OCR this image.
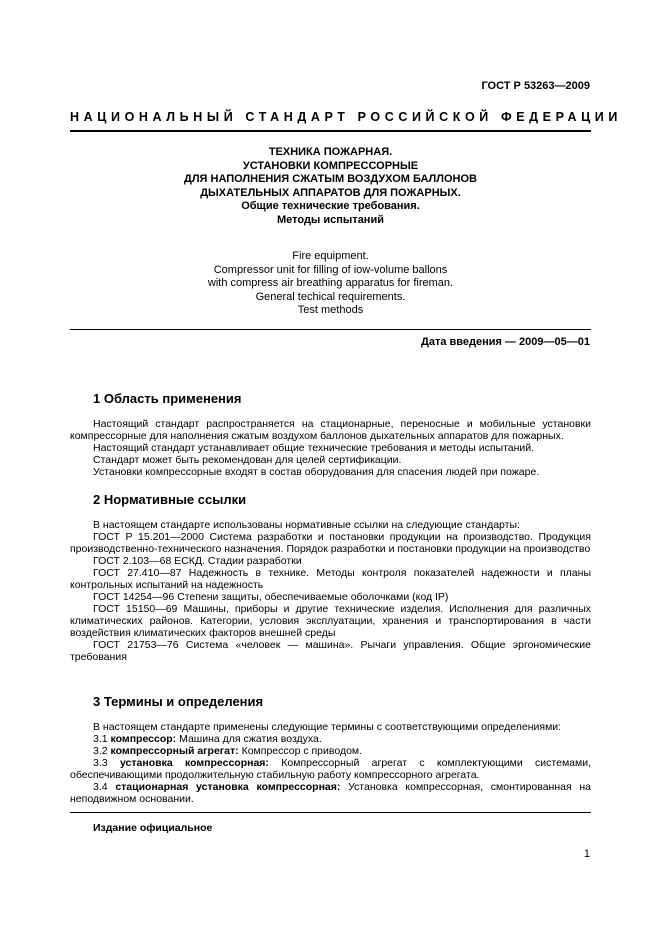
ГОСТ Р 53263—2009
НАЦИОНАЛЬНЫЙ СТАНДАРТ РОССИЙСКОЙ ФЕДЕРАЦИИ
ТЕХНИКА ПОЖАРНАЯ.
УСТАНОВКИ КОМПРЕССОРНЫЕ
ДЛЯ НАПОЛНЕНИЯ СЖАТЫМ ВОЗДУХОМ БАЛЛОНОВ
ДЫХАТЕЛЬНЫХ АППАРАТОВ ДЛЯ ПОЖАРНЫХ.
Общие технические требования.
Методы испытаний
Fire equipment.
Compressor unit for filling of iow-volume ballons
with compress air breathing apparatus for fireman.
General techical requirements.
Test methods
Дата введения — 2009—05—01
1 Область применения

Настоящий стандарт распространяется на стационарные, переносные и мобильные установки компрессорные для наполнения сжатым воздухом баллонов дыхательных аппаратов для пожарных.

Настоящий стандарт устанавливает общие технические требования и методы испытаний.

Стандарт может быть рекомендован для целей сертификации.

Установки компрессорные входят в состав оборудования для спасения людей при пожаре.

2 Нормативные ссылки

В настоящем стандарте использованы нормативные ссылки на следующие стандарты:

ГОСТ Р 15.201—2000 Система разработки и постановки продукции на производство. Продукция производственно-технического назначения. Порядок разработки и постановки продукции на производство

ГОСТ 2.103—68 ЕСКД. Стадии разработки

ГОСТ 27.410—87 Надежность в технике. Методы контроля показателей надежности и планы контрольных испытаний на надежность

ГОСТ 14254—96 Степени защиты, обеспечиваемые оболочками (код IP)

ГОСТ 15150—69 Машины, приборы и другие технические изделия. Исполнения для различных климатических районов. Категории, условия эксплуатации, хранения и транспортирования в части воздействия климатических факторов внешней среды

ГОСТ 21753—76 Система «человек — машина». Рычаги управления. Общие эргономические требования

3 Термины и определения

В настоящем стандарте применены следующие термины с соответствующими определениями:

3.1 компрессор: Машина для сжатия воздуха.

3.2 компрессорный агрегат: Компрессор с приводом.

3.3 установка компрессорная: Компрессорный агрегат с комплектующими системами, обеспечивающими продолжительную стабильную работу компрессорного агрегата.

3.4 стационарная установка компрессорная: Установка компрессорная, смонтированная на неподвижном основании.

Издание официальное
1
